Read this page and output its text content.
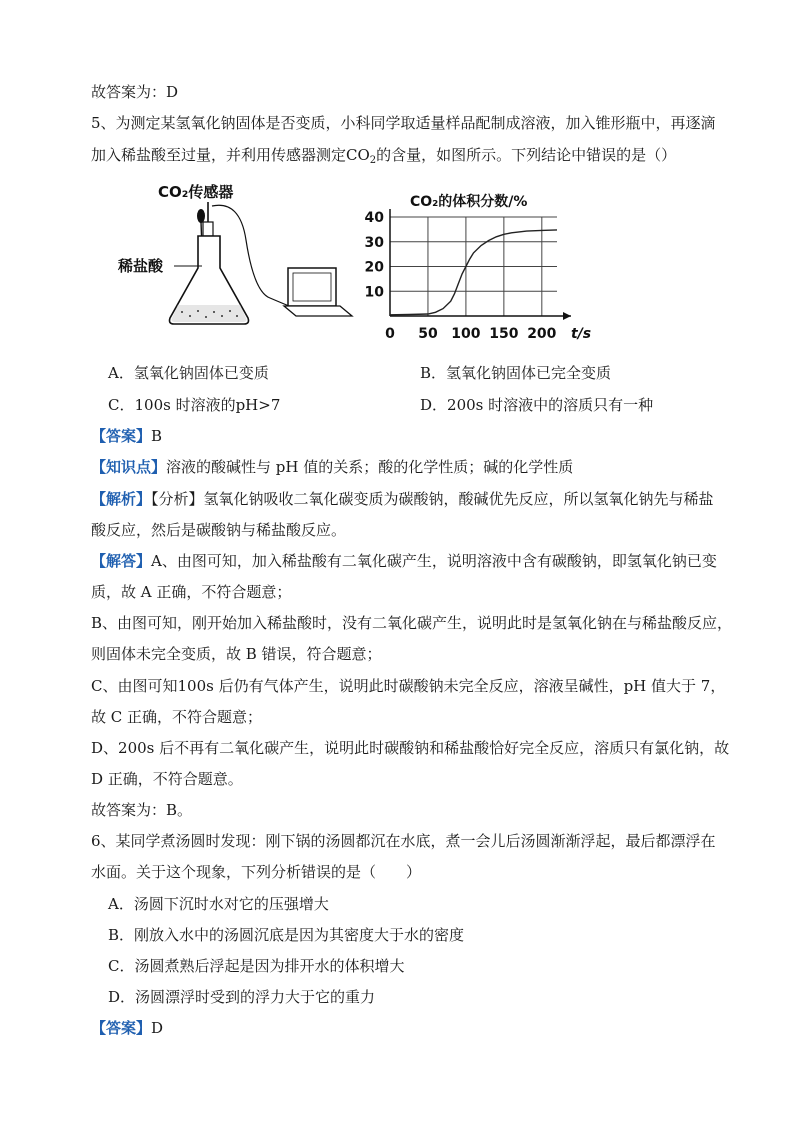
故答案为：D
5、为测定某氢氧化钠固体是否变质，小科同学取适量样品配制成溶液，加入锥形瓶中，再逐滴
加入稀盐酸至过量，并利用传感器测定$CO_2$的含量，如图所示。下列结论中错误的是（）
CO₂传感器
稀盐酸
CO₂的体积分数/%
10
20
30
40
0 50 100 150 200 t/s
A．氢氧化钠固体已变质	B．氢氧化钠固体已完全变质
C．100s 时溶液的pH>7	D．200s 时溶液中的溶质只有一种
【答案】B
【知识点】溶液的酸碱性与 pH 值的关系；酸的化学性质；碱的化学性质
【解析】【分析】氢氧化钠吸收二氧化碳变质为碳酸钠，酸碱优先反应，所以氢氧化钠先与稀盐
酸反应，然后是碳酸钠与稀盐酸反应。
【解答】A、由图可知，加入稀盐酸有二氧化碳产生，说明溶液中含有碳酸钠，即氢氧化钠已变
质，故 A 正确，不符合题意；
B、由图可知，刚开始加入稀盐酸时，没有二氧化碳产生，说明此时是氢氧化钠在与稀盐酸反应，
则固体未完全变质，故 B 错误，符合题意；
C、由图可知100s 后仍有气体产生，说明此时碳酸钠未完全反应，溶液呈碱性，pH 值大于 7，
故 C 正确，不符合题意；
D、200s 后不再有二氧化碳产生，说明此时碳酸钠和稀盐酸恰好完全反应，溶质只有氯化钠，故
D 正确，不符合题意。
故答案为：B。
6、某同学煮汤圆时发现：刚下锅的汤圆都沉在水底，煮一会儿后汤圆渐渐浮起，最后都漂浮在
水面。关于这个现象，下列分析错误的是（　　）
A．汤圆下沉时水对它的压强增大
B．刚放入水中的汤圆沉底是因为其密度大于水的密度
C．汤圆煮熟后浮起是因为排开水的体积增大
D．汤圆漂浮时受到的浮力大于它的重力
【答案】D
